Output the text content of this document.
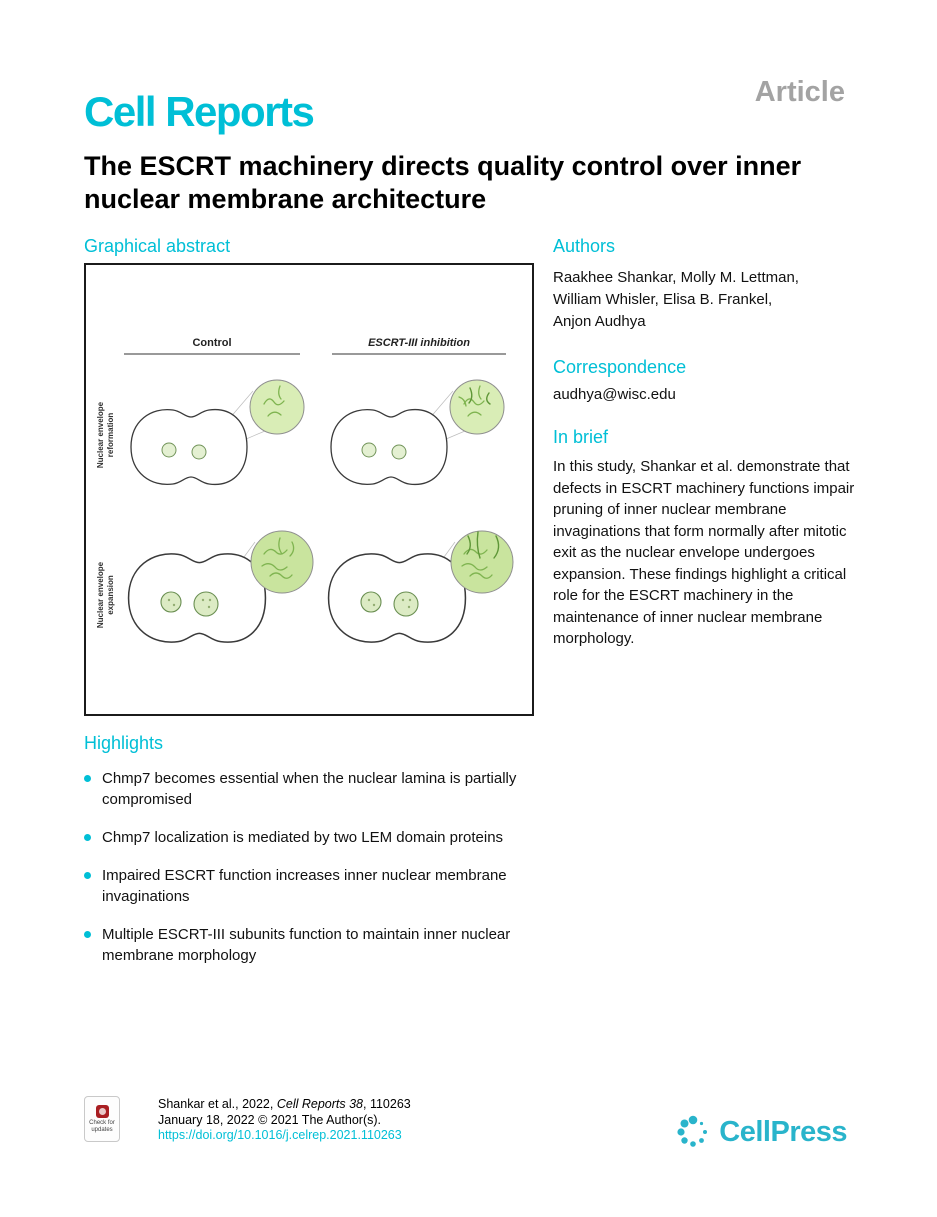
Article
Cell Reports
The ESCRT machinery directs quality control over inner nuclear membrane architecture
Graphical abstract
Control	ESCRT-III inhibition
Nuclear envelope reformation
Nuclear envelope expansion
Authors
Raakhee Shankar, Molly M. Lettman,
William Whisler, Elisa B. Frankel,
Anjon Audhya
Correspondence
audhya@wisc.edu
In brief
In this study, Shankar et al. demonstrate that defects in ESCRT machinery functions impair pruning of inner nuclear membrane invaginations that form normally after mitotic exit as the nuclear envelope undergoes expansion. These findings highlight a critical role for the ESCRT machinery in the maintenance of inner nuclear membrane morphology.
Highlights
Chmp7 becomes essential when the nuclear lamina is partially compromised
Chmp7 localization is mediated by two LEM domain proteins
Impaired ESCRT function increases inner nuclear membrane invaginations
Multiple ESCRT-III subunits function to maintain inner nuclear membrane morphology
Check for updates
Shankar et al., 2022, Cell Reports 38, 110263
January 18, 2022 © 2021 The Author(s).
https://doi.org/10.1016/j.celrep.2021.110263	CellPress
